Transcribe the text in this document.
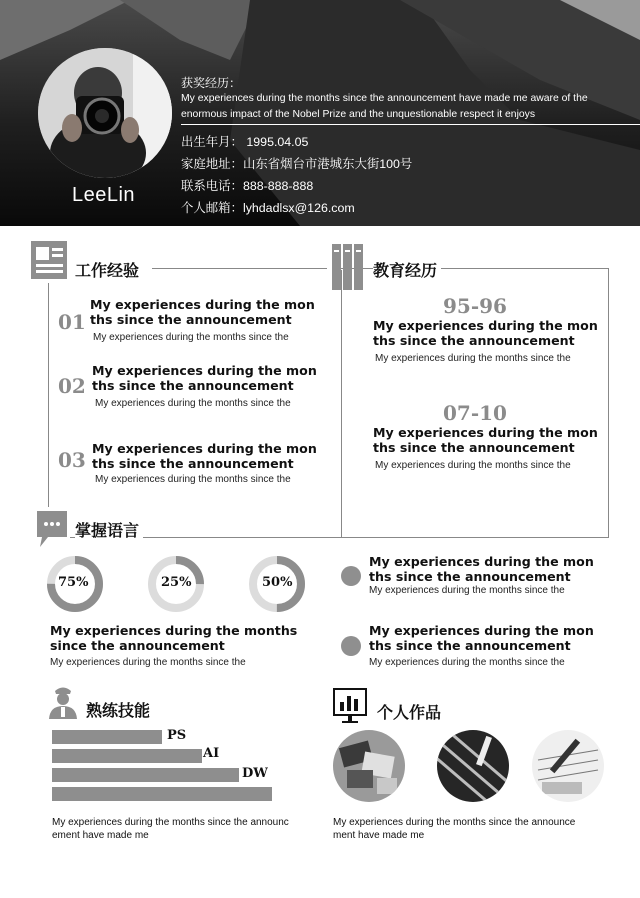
LeeLin
获奖经历：
My experiences during the months since the announcement have made me aware of the enormous impact of the Nobel Prize and the unquestionable respect it enjoys
出生年月： 1995.04.05
家庭地址：山东省烟台市港城东大街100号
联系电话：888-888-888
个人邮箱：lyhdadlsx@126.com
工作经验
01
My experiences during the months since the announcement
My experiences during the months since the
02
My experiences during the months since the announcement
My experiences during the months since the
03 My experiences during the months since the announcement
My experiences during the months since the
教育经历
95-96
My experiences during the months since the announcement
My experiences during the months since the
07-10
My experiences during the months since the announcement
My experiences during the months since the
掌握语言
75%	25%	50%
My experiences during the months since the announcement
My experiences during the months since the
My experiences during the months since the announcement
My experiences during the months since the
My experiences during the months since the announcement
My experiences during the months since the
熟练技能
PS
AI
DW
My experiences during the months since the announcement have made me
个人作品
My experiences during the months since the announcement have made me
